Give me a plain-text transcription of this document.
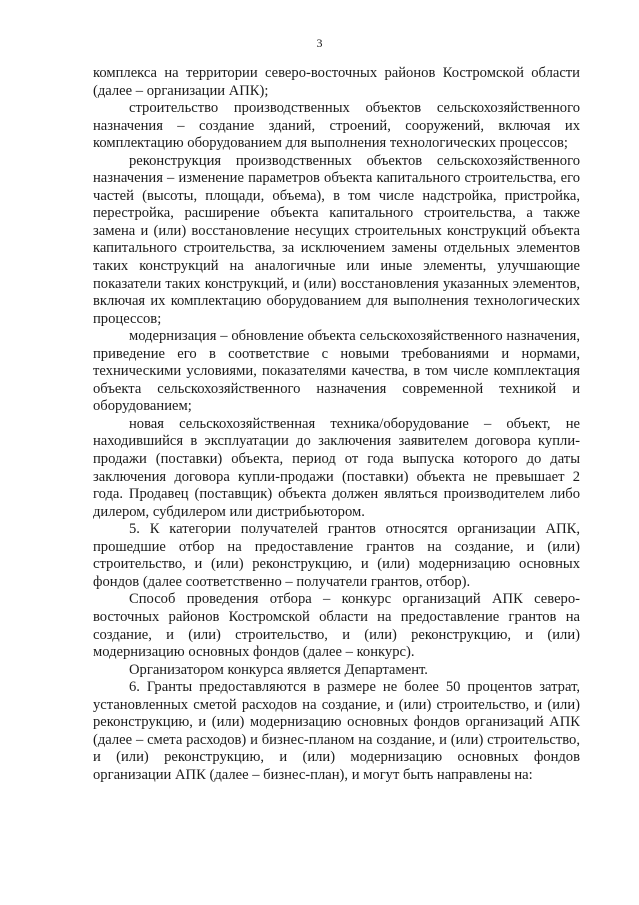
3

комплекса на территории северо-восточных районов Костромской области (далее – организации АПК);

строительство производственных объектов сельскохозяйственного назначения – создание зданий, строений, сооружений, включая их комплектацию оборудованием для выполнения технологических процессов;

реконструкция производственных объектов сельскохозяйственного назначения – изменение параметров объекта капитального строительства, его частей (высоты, площади, объема), в том числе надстройка, пристройка, перестройка, расширение объекта капитального строительства, а также замена и (или) восстановление несущих строительных конструкций объекта капитального строительства, за исключением замены отдельных элементов таких конструкций на аналогичные или иные элементы, улучшающие показатели таких конструкций, и (или) восстановления указанных элементов, включая их комплектацию оборудованием для выполнения технологических процессов;

модернизация – обновление объекта сельскохозяйственного назначения, приведение его в соответствие с новыми требованиями и нормами, техническими условиями, показателями качества, в том числе комплектация объекта сельскохозяйственного назначения современной техникой и оборудованием;

новая сельскохозяйственная техника/оборудование – объект, не находившийся в эксплуатации до заключения заявителем договора купли-продажи (поставки) объекта, период от года выпуска которого до даты заключения договора купли-продажи (поставки) объекта не превышает 2 года. Продавец (поставщик) объекта должен являться производителем либо дилером, субдилером или дистрибьютором.

5. К категории получателей грантов относятся организации АПК, прошедшие отбор на предоставление грантов на создание, и (или) строительство, и (или) реконструкцию, и (или) модернизацию основных фондов (далее соответственно – получатели грантов, отбор).

Способ проведения отбора – конкурс организаций АПК северо-восточных районов Костромской области на предоставление грантов на создание, и (или) строительство, и (или) реконструкцию, и (или) модернизацию основных фондов (далее – конкурс).

Организатором конкурса является Департамент.

6. Гранты предоставляются в размере не более 50 процентов затрат, установленных сметой расходов на создание, и (или) строительство, и (или) реконструкцию, и (или) модернизацию основных фондов организаций АПК (далее – смета расходов) и бизнес-планом на создание, и (или) строительство, и (или) реконструкцию, и (или) модернизацию основных фондов организации АПК (далее – бизнес-план), и могут быть направлены на:
